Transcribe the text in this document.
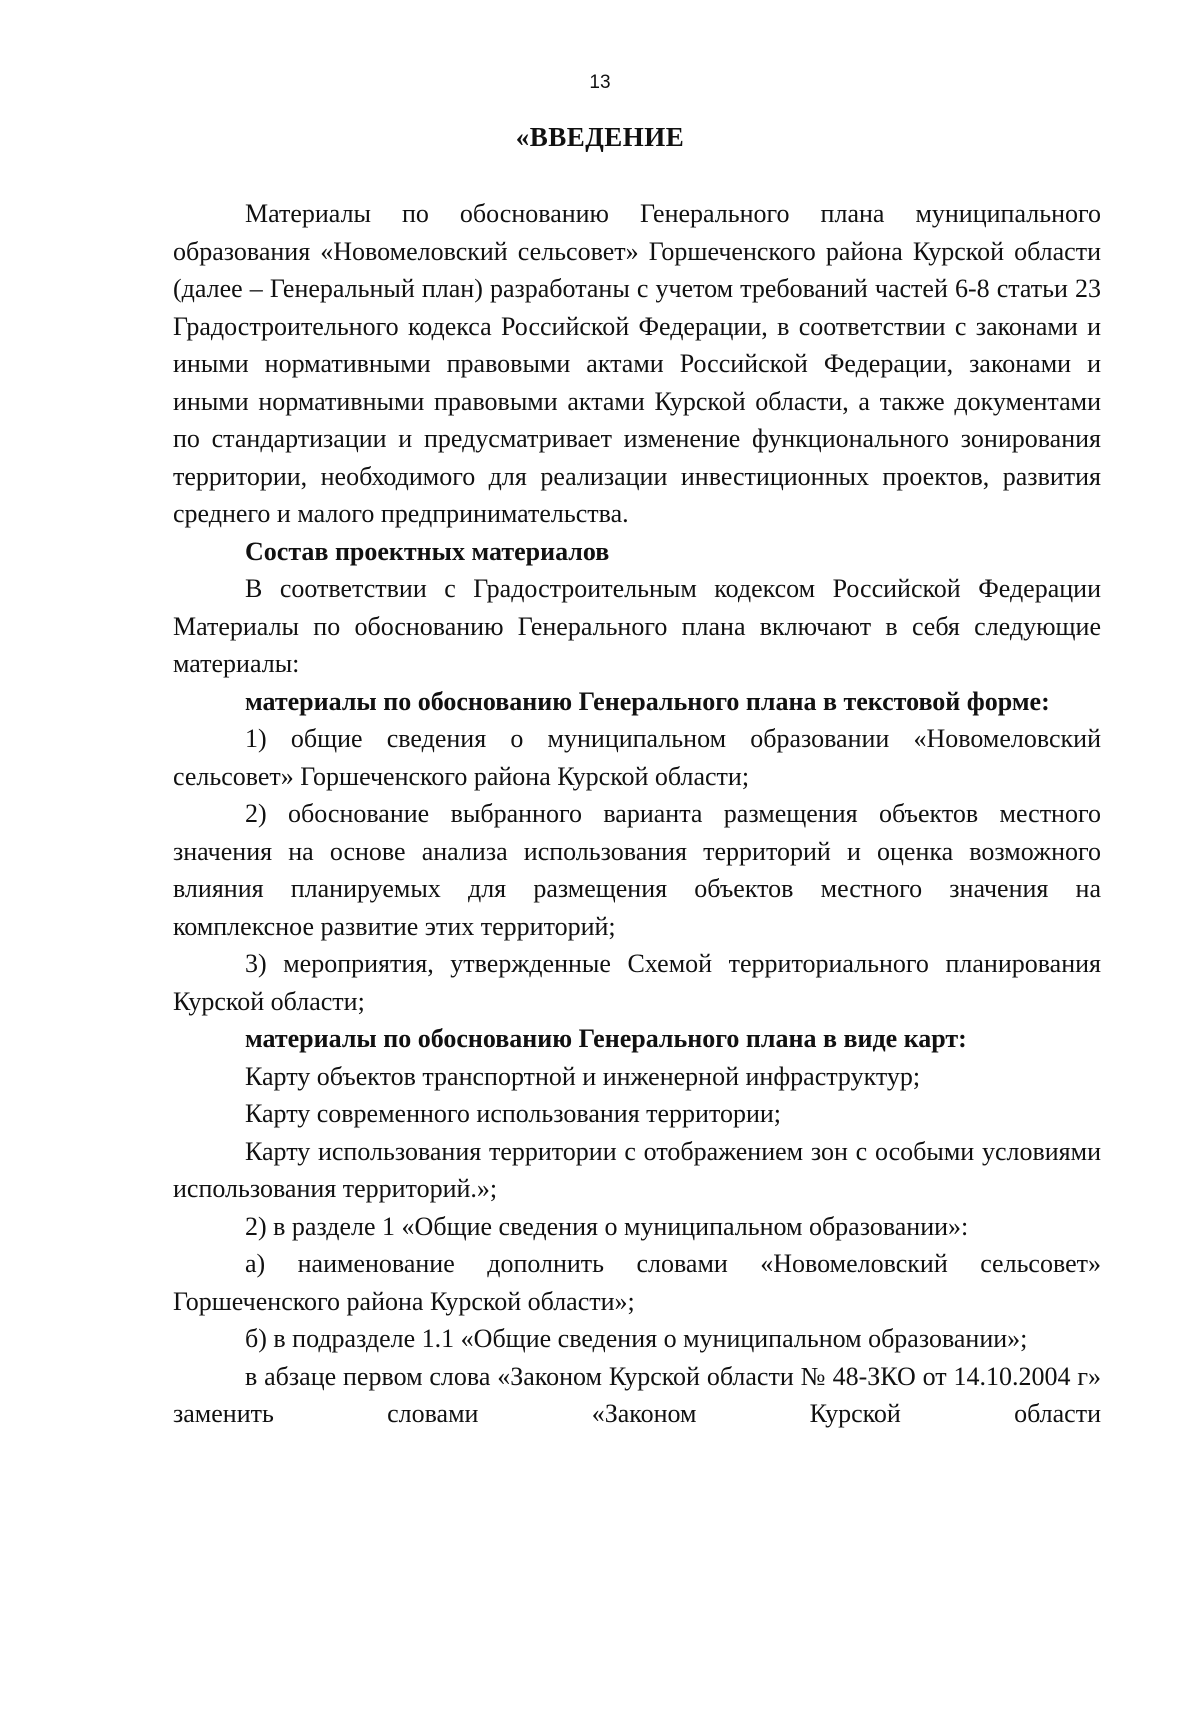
13
«ВВЕДЕНИЕ

Материалы по обоснованию Генерального плана муниципального образования «Новомеловский сельсовет» Горшеченского района Курской области (далее – Генеральный план) разработаны с учетом требований частей 6-8 статьи 23 Градостроительного кодекса Российской Федерации, в соответствии с законами и иными нормативными правовыми актами Российской Федерации, законами и иными нормативными правовыми актами Курской области, а также документами по стандартизации и предусматривает изменение функционального зонирования территории, необходимого для реализации инвестиционных проектов, развития среднего и малого предпринимательства.

Состав проектных материалов

В соответствии с Градостроительным кодексом Российской Федерации Материалы по обоснованию Генерального плана включают в себя следующие материалы:

материалы по обоснованию Генерального плана в текстовой форме:

1) общие сведения о муниципальном образовании «Новомеловский сельсовет» Горшеченского района Курской области;

2) обоснование выбранного варианта размещения объектов местного значения на основе анализа использования территорий и оценка возможного влияния планируемых для размещения объектов местного значения на комплексное развитие этих территорий;

3) мероприятия, утвержденные Схемой территориального планирования Курской области;

материалы по обоснованию Генерального плана в виде карт:

Карту объектов транспортной и инженерной инфраструктур;

Карту современного использования территории;

Карту использования территории с отображением зон с особыми условиями использования территорий.»;

2) в разделе 1 «Общие сведения о муниципальном образовании»:

а) наименование дополнить словами «Новомеловский сельсовет» Горшеченского района Курской области»;

б) в подразделе 1.1 «Общие сведения о муниципальном образовании»;

в абзаце первом слова «Законом Курской области № 48-ЗКО от 14.10.2004 г» заменить словами «Законом Курской области
